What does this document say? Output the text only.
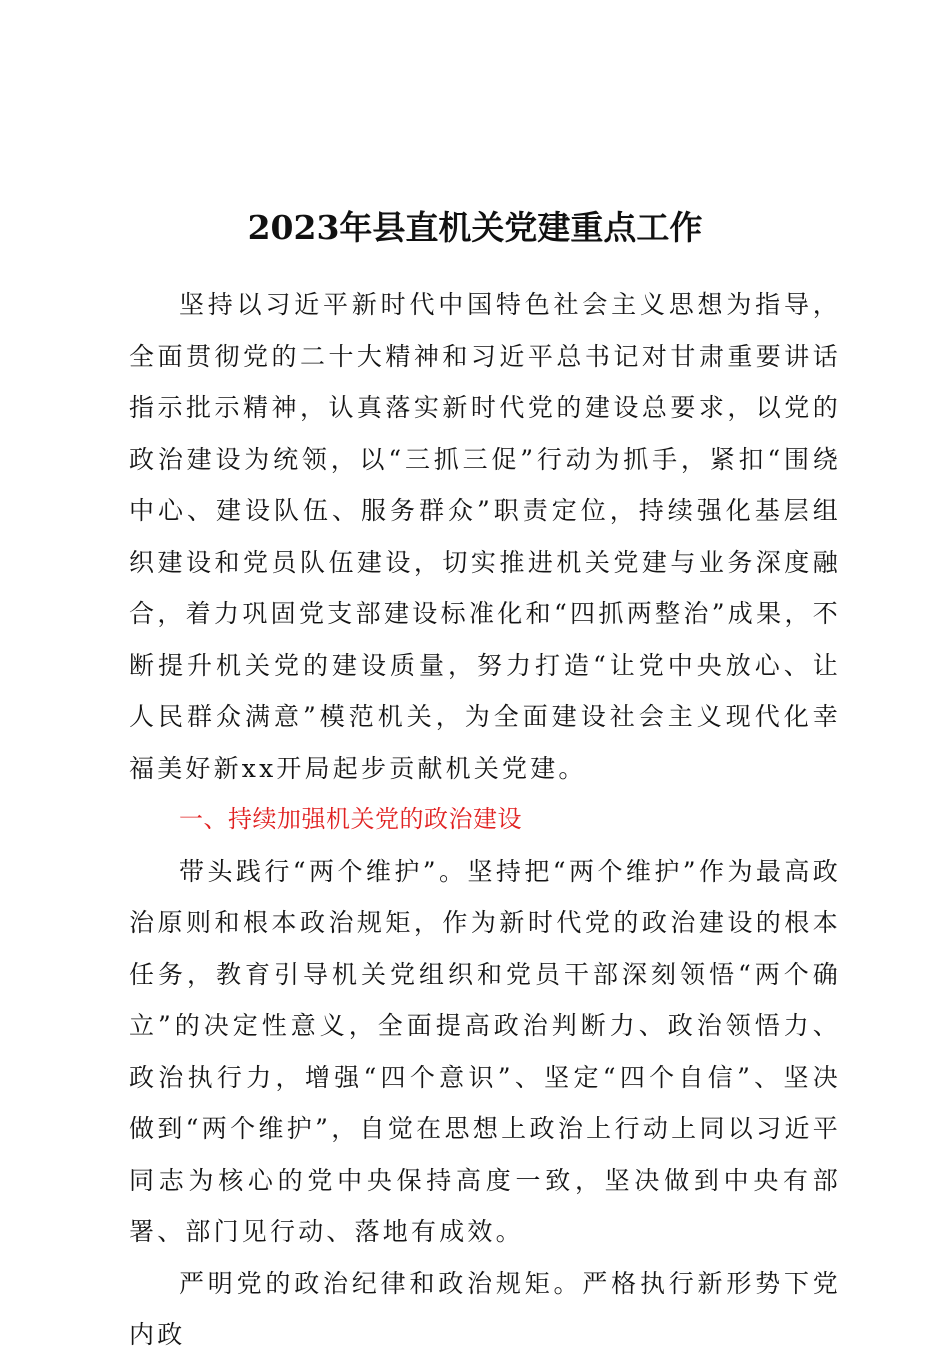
2023年县直机关党建重点工作

坚持以习近平新时代中国特色社会主义思想为指导，全面贯彻党的二十大精神和习近平总书记对甘肃重要讲话指示批示精神，认真落实新时代党的建设总要求，以党的政治建设为统领，以“三抓三促”行动为抓手，紧扣“围绕中心、建设队伍、服务群众”职责定位，持续强化基层组织建设和党员队伍建设，切实推进机关党建与业务深度融合，着力巩固党支部建设标准化和“四抓两整治”成果，不断提升机关党的建设质量，努力打造“让党中央放心、让人民群众满意”模范机关，为全面建设社会主义现代化幸福美好新xx开局起步贡献机关党建。

一、持续加强机关党的政治建设

带头践行“两个维护”。坚持把“两个维护”作为最高政治原则和根本政治规矩，作为新时代党的政治建设的根本任务，教育引导机关党组织和党员干部深刻领悟“两个确立”的决定性意义，全面提高政治判断力、政治领悟力、政治执行力，增强“四个意识”、坚定“四个自信”、坚决做到“两个维护”，自觉在思想上政治上行动上同以习近平同志为核心的党中央保持高度一致，坚决做到中央有部署、部门见行动、落地有成效。

严明党的政治纪律和政治规矩。严格执行新形势下党内政
